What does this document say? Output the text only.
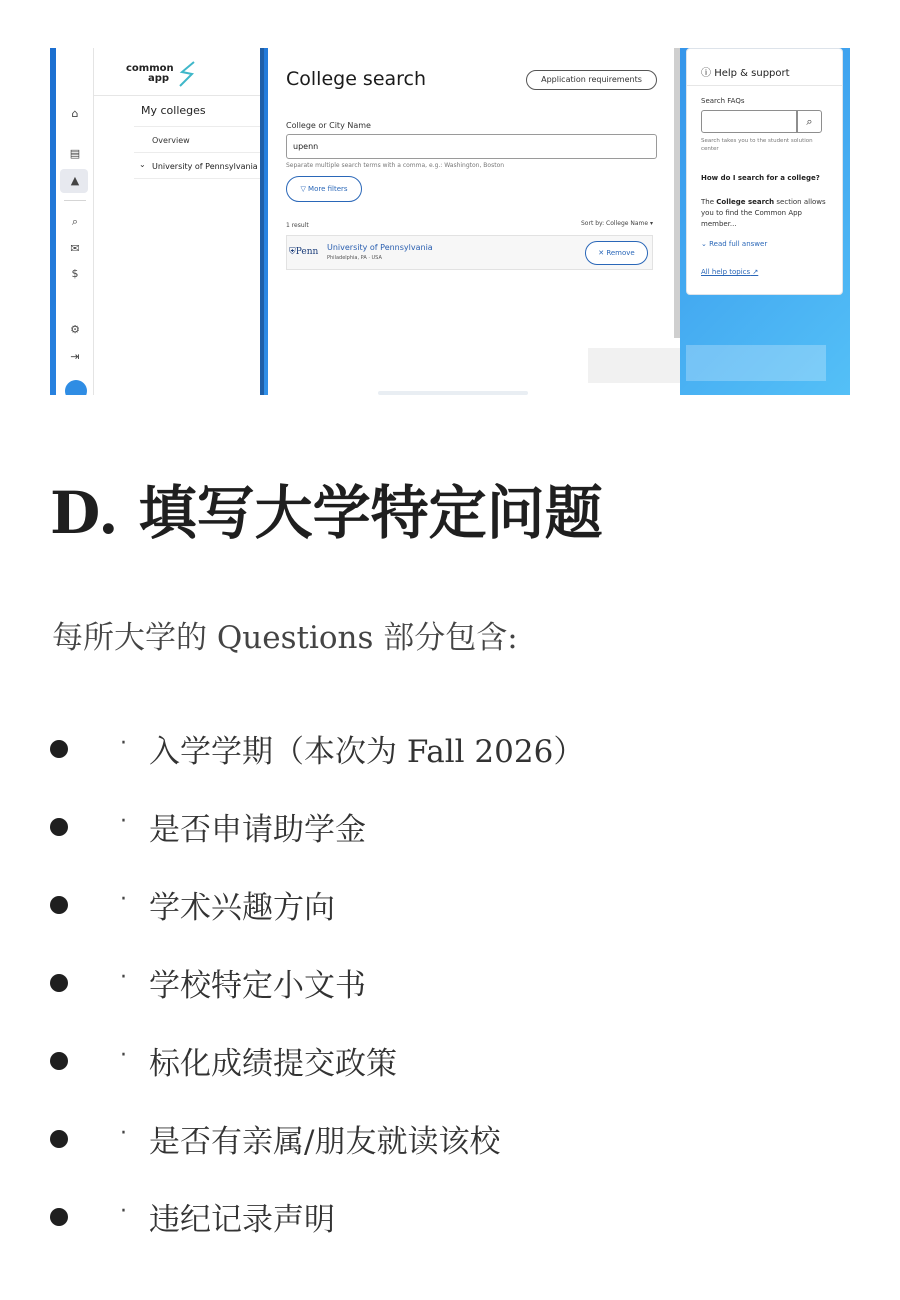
⌂
▤
▲
⌕
✉
$
⚙
⇥
common
app
My colleges
Overview
⌄ University of Pennsylvania
College search	Application requirements
College or City Name
upenn
Separate multiple search terms with a comma, e.g.: Washington, Boston
▽ More filters
1 result	Sort by: College Name ▾
⛨Penn University of Pennsylvania
Philadelphia, PA · USA
✕ Remove
ⓘ Help & support
Search FAQs
⌕
Search takes you to the student solution center
How do I search for a college?
The College search section allows you to find the Common App member...
⌄ Read full answer
All help topics ↗
D. 填写大学特定问题
每所大学的 Questions 部分包含:
· 入学学期（本次为 Fall 2026）
· 是否申请助学金
· 学术兴趣方向
· 学校特定小文书
· 标化成绩提交政策
· 是否有亲属/朋友就读该校
· 违纪记录声明
